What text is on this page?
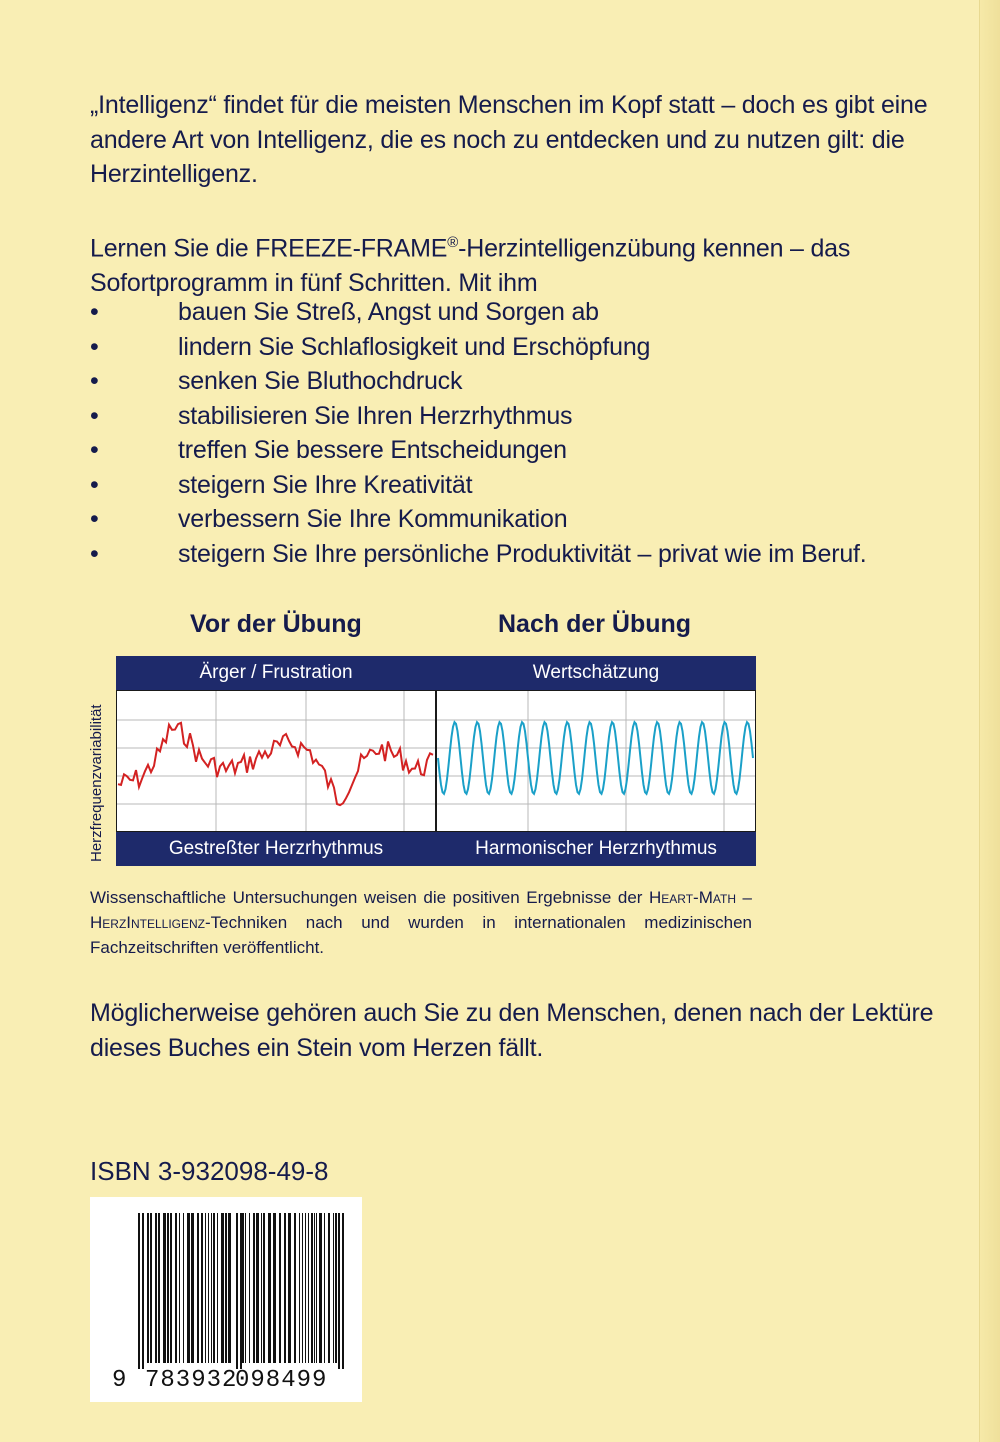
„Intelligenz“ findet für die meisten Menschen im Kopf statt – doch es gibt eine andere Art von Intelligenz, die es noch zu entdecken und zu nutzen gilt: die Herzintelligenz.

Lernen Sie die FREEZE-FRAME®-Herzintelligenzübung kennen – das Sofortprogramm in fünf Schritten. Mit ihm

•	bauen Sie Streß, Angst und Sorgen ab
•	lindern Sie Schlaflosigkeit und Erschöpfung
•	senken Sie Bluthochdruck
•	stabilisieren Sie Ihren Herzrhythmus
•	treffen Sie bessere Entscheidungen
•	steigern Sie Ihre Kreativität
•	verbessern Sie Ihre Kommunikation
•	steigern Sie Ihre persönliche Produktivität – privat wie im Beruf.
Vor der Übung	Nach der Übung
Herzfrequenzvariabilität
Ärger / Frustration	Wertschätzung
Gestreßter Herzrhythmus	Harmonischer Herzrhythmus

Wissenschaftliche Untersuchungen weisen die positiven Ergebnisse der Heart-Math – HerzIntelligenz-Techniken nach und wurden in internationalen medizinischen Fachzeitschriften veröffentlicht.

Möglicherweise gehören auch Sie zu den Menschen, denen nach der Lektüre dieses Buches ein Stein vom Herzen fällt.

ISBN 3-932098-49-8
9 783932
098499
